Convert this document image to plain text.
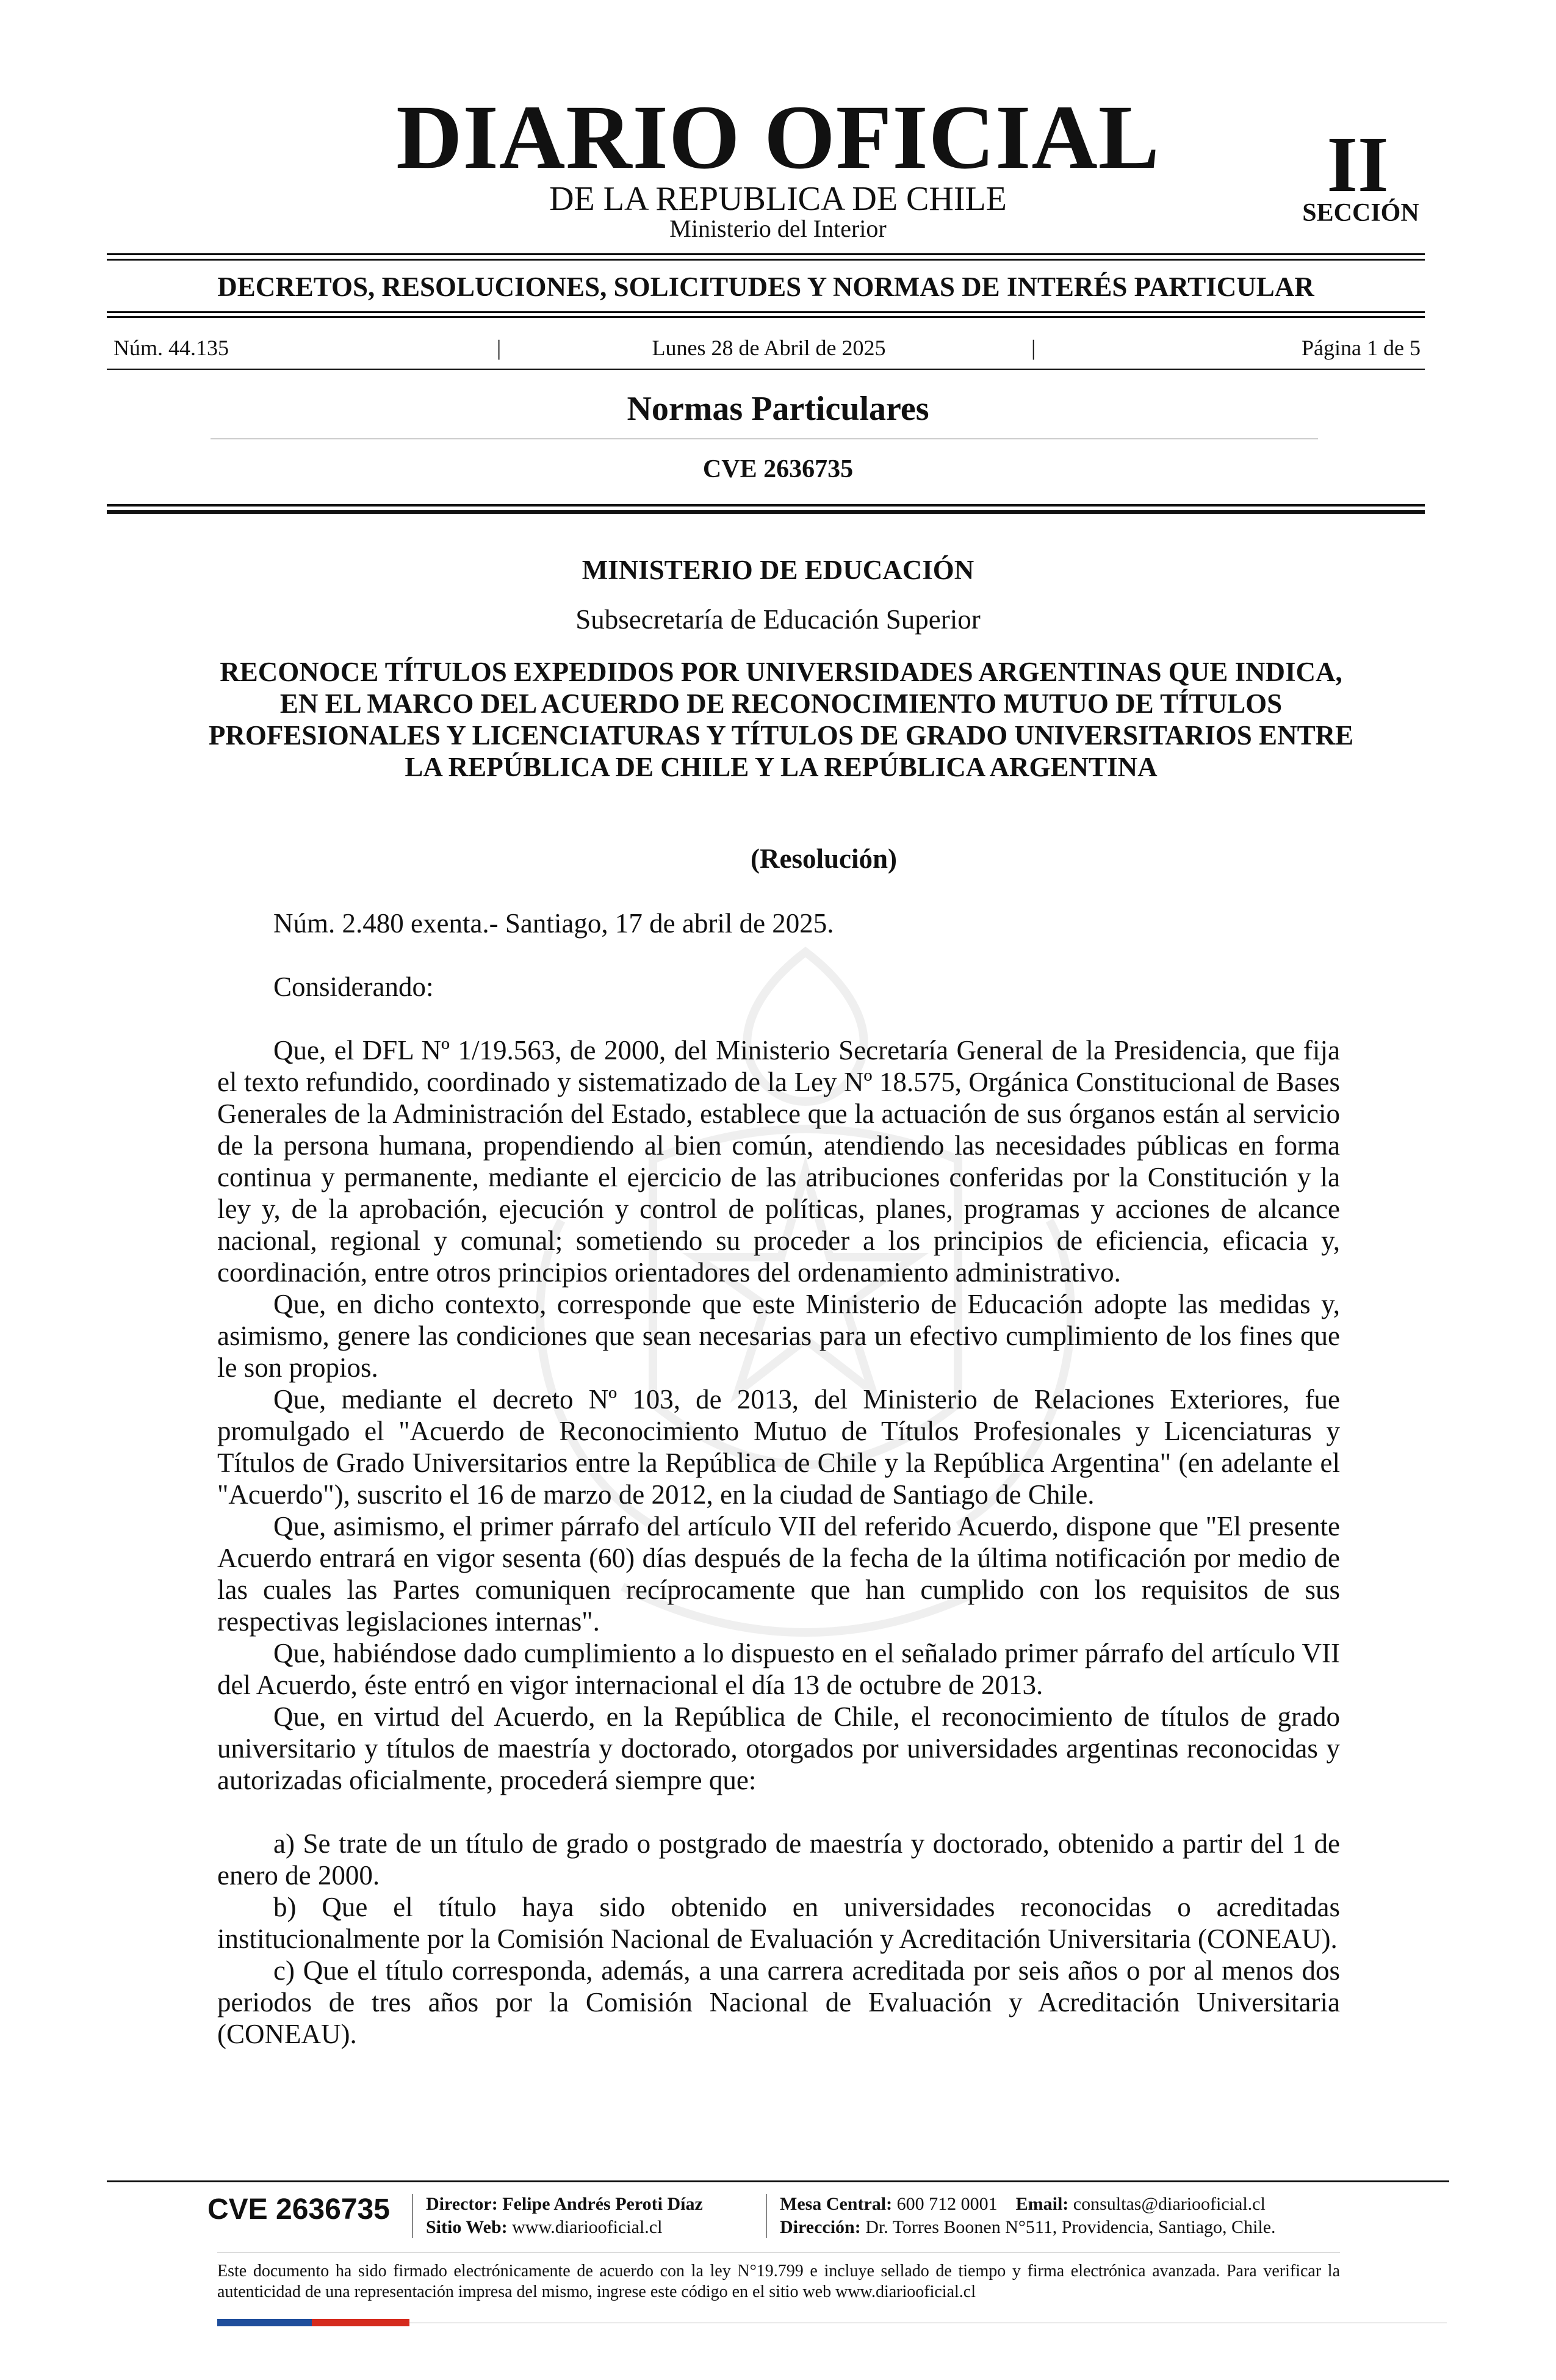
DIARIO OFICIAL
DE LA REPUBLICA DE CHILE
Ministerio del Interior
II
SECCIÓN
DECRETOS, RESOLUCIONES, SOLICITUDES Y NORMAS DE INTERÉS PARTICULAR
Núm. 44.135	|	Lunes 28 de Abril de 2025	|	Página 1 de 5
Normas Particulares
CVE 2636735
MINISTERIO DE EDUCACIÓN
Subsecretaría de Educación Superior
RECONOCE TÍTULOS EXPEDIDOS POR UNIVERSIDADES ARGENTINAS QUE INDICA, EN EL MARCO DEL ACUERDO DE RECONOCIMIENTO MUTUO DE TÍTULOS PROFESIONALES Y LICENCIATURAS Y TÍTULOS DE GRADO UNIVERSITARIOS ENTRE LA REPÚBLICA DE CHILE Y LA REPÚBLICA ARGENTINA
(Resolución)

Núm. 2.480 exenta.- Santiago, 17 de abril de 2025.

Considerando:

Que, el DFL Nº 1/19.563, de 2000, del Ministerio Secretaría General de la Presidencia, que fija el texto refundido, coordinado y sistematizado de la Ley Nº 18.575, Orgánica Constitucional de Bases Generales de la Administración del Estado, establece que la actuación de sus órganos están al servicio de la persona humana, propendiendo al bien común, atendiendo las necesidades públicas en forma continua y permanente, mediante el ejercicio de las atribuciones conferidas por la Constitución y la ley y, de la aprobación, ejecución y control de políticas, planes, programas y acciones de alcance nacional, regional y comunal; sometiendo su proceder a los principios de eficiencia, eficacia y, coordinación, entre otros principios orientadores del ordenamiento administrativo.

Que, en dicho contexto, corresponde que este Ministerio de Educación adopte las medidas y, asimismo, genere las condiciones que sean necesarias para un efectivo cumplimiento de los fines que le son propios.

Que, mediante el decreto Nº 103, de 2013, del Ministerio de Relaciones Exteriores, fue promulgado el "Acuerdo de Reconocimiento Mutuo de Títulos Profesionales y Licenciaturas y Títulos de Grado Universitarios entre la República de Chile y la República Argentina" (en adelante el "Acuerdo"), suscrito el 16 de marzo de 2012, en la ciudad de Santiago de Chile.

Que, asimismo, el primer párrafo del artículo VII del referido Acuerdo, dispone que "El presente Acuerdo entrará en vigor sesenta (60) días después de la fecha de la última notificación por medio de las cuales las Partes comuniquen recíprocamente que han cumplido con los requisitos de sus respectivas legislaciones internas".

Que, habiéndose dado cumplimiento a lo dispuesto en el señalado primer párrafo del artículo VII del Acuerdo, éste entró en vigor internacional el día 13 de octubre de 2013.

Que, en virtud del Acuerdo, en la República de Chile, el reconocimiento de títulos de grado universitario y títulos de maestría y doctorado, otorgados por universidades argentinas reconocidas y autorizadas oficialmente, procederá siempre que:

a) Se trate de un título de grado o postgrado de maestría y doctorado, obtenido a partir del 1 de enero de 2000.

b) Que el título haya sido obtenido en universidades reconocidas o acreditadas institucionalmente por la Comisión Nacional de Evaluación y Acreditación Universitaria (CONEAU).

c) Que el título corresponda, además, a una carrera acreditada por seis años o por al menos dos periodos de tres años por la Comisión Nacional de Evaluación y Acreditación Universitaria (CONEAU).

CVE 2636735 Director: Felipe Andrés Peroti Díaz
Sitio Web: www.diariooficial.cl
Mesa Central: 600 712 0001 Email: consultas@diariooficial.cl
Dirección: Dr. Torres Boonen N°511, Providencia, Santiago, Chile.
Este documento ha sido firmado electrónicamente de acuerdo con la ley N°19.799 e incluye sellado de tiempo y firma electrónica avanzada. Para verificar la autenticidad de una representación impresa del mismo, ingrese este código en el sitio web www.diariooficial.cl
